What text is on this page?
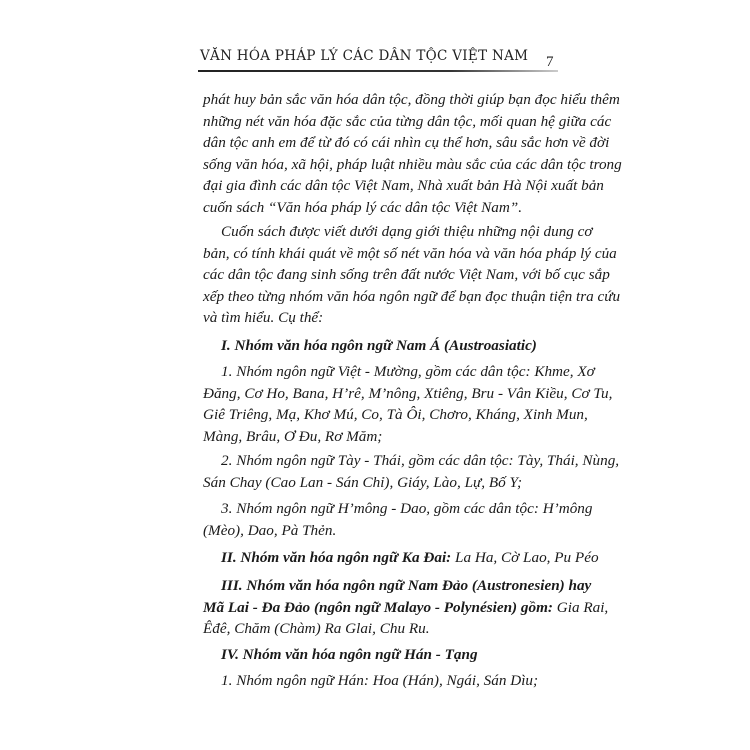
VĂN HÓA PHÁP LÝ CÁC DÂN TỘC VIỆT NAM 7
phát huy bản sắc văn hóa dân tộc, đồng thời giúp bạn đọc hiểu thêm
những nét văn hóa đặc sắc của từng dân tộc, mối quan hệ giữa các
dân tộc anh em để từ đó có cái nhìn cụ thể hơn, sâu sắc hơn về đời
sống văn hóa, xã hội, pháp luật nhiều màu sắc của các dân tộc trong
đại gia đình các dân tộc Việt Nam, Nhà xuất bản Hà Nội xuất bản
cuốn sách “Văn hóa pháp lý các dân tộc Việt Nam”.
Cuốn sách được viết dưới dạng giới thiệu những nội dung cơ
bản, có tính khái quát về một số nét văn hóa và văn hóa pháp lý của
các dân tộc đang sinh sống trên đất nước Việt Nam, với bố cục sắp
xếp theo từng nhóm văn hóa ngôn ngữ để bạn đọc thuận tiện tra cứu
và tìm hiểu. Cụ thể:
I. Nhóm văn hóa ngôn ngữ Nam Á (Austroasiatic)
1. Nhóm ngôn ngữ Việt - Mường, gồm các dân tộc: Khme, Xơ
Đăng, Cơ Ho, Bana, H’rê, M’nông, Xtiêng, Bru - Vân Kiều, Cơ Tu,
Giê Triêng, Mạ, Khơ Mú, Co, Tà Ôi, Chơro, Kháng, Xinh Mun,
Màng, Brâu, Ơ Đu, Rơ Măm;
2. Nhóm ngôn ngữ Tày - Thái, gồm các dân tộc: Tày, Thái, Nùng,
Sán Chay (Cao Lan - Sán Chỉ), Giáy, Lào, Lự, Bố Y;
3. Nhóm ngôn ngữ H’mông - Dao, gồm các dân tộc: H’mông
(Mèo), Dao, Pà Thẻn.
II. Nhóm văn hóa ngôn ngữ Ka Đai: La Ha, Cờ Lao, Pu Péo
III. Nhóm văn hóa ngôn ngữ Nam Đảo (Austronesien) hay
Mã Lai - Đa Đảo (ngôn ngữ Malayo - Polynésien) gồm: Gia Rai,
Êđê, Chăm (Chàm) Ra Glai, Chu Ru.
IV. Nhóm văn hóa ngôn ngữ Hán - Tạng
1. Nhóm ngôn ngữ Hán: Hoa (Hán), Ngái, Sán Dìu;
